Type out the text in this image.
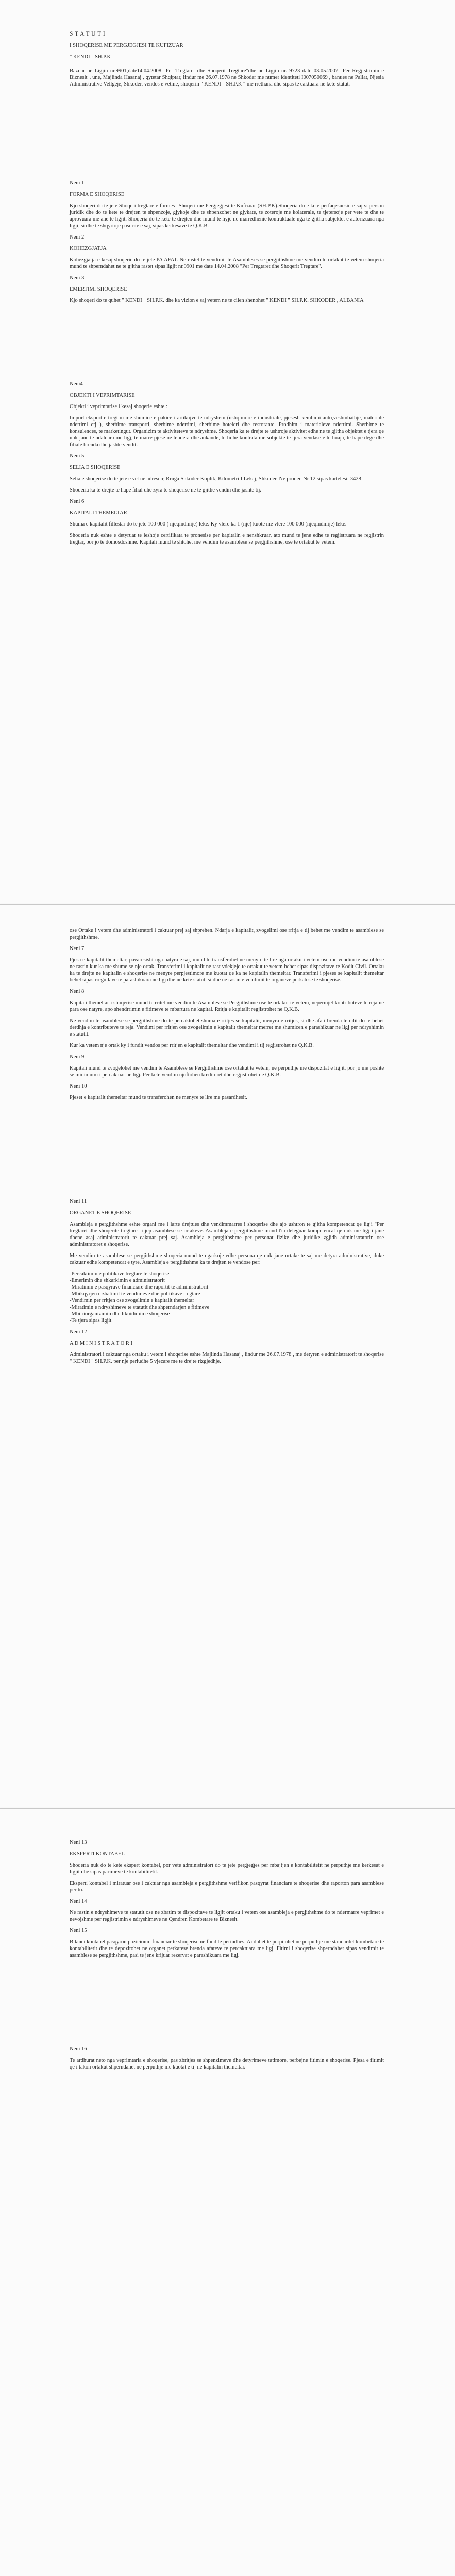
S T A T U T I

I SHOQERISE ME PERGJEGJESI TE KUFIZUAR

" KENDI " SH.P.K

Bazuar ne Ligjin nr.9901,date14.04.2008 "Per Tregtaret dhe Shoqerit Tregtare"dhe ne Ligjin nr. 9723 date 03.05.2007 "Per Regjistrimin e Biznesit", une, Majlinda Hasanaj , qytetar Shqiptar, lindur me 26.07.1978 ne Shkoder me numer identiteti I007050069 , banues ne Pallat, Njesia Administrative Vellgeje, Shkoder, vendos e vetme, shoqerin " KENDI " SH.P.K " me rrethana dhe sipas te caktuara ne kete statut.

Neni 1

FORMA E SHOQERISE

Kjo shoqeri do te jete Shoqeri tregtare e formes "Shoqeri me Pergjegjesi te Kufizuar (SH.P.K).Shoqeria do e kete perfaqesuesin e saj si person juridik dhe do te kete te drejten te shpenzoje, gjykoje dhe te shpenzohet ne gjykate, te zoteroje me kolaterale, te tjetersoje per vete te dhe te aprovuara me ane te ligjit. Shoqeria do te kete te drejten dhe mund te hyje ne marredhenie kontraktuale nga te gjitha subjektet e autorizuara nga ligji, si dhe te shqyrtoje pasurite e saj, sipas kerkesave te Q.K.B.

Neni 2

KOHEZGJATJA

Kohezgjatja e kesaj shoqerie do te jete PA AFAT. Ne rastet te vendimit te Asambleses se pergjithshme me vendim te ortakut te vetem shoqeria mund te shperndahet ne te gjitha rastet sipas ligjit nr.9901 me date 14.04.2008 "Per Tregtaret dhe Shoqerit Tregtare".

Neni 3

EMERTIMI SHOQERISE

Kjo shoqeri do te quhet " KENDI " SH.P.K. dhe ka vizion e saj vetem ne te cilen shenohet " KENDI " SH.P.K. SHKODER , ALBANIA

Neni4

OBJEKTI I VEPRIMTARISE

Objekti i veprimtarise i kesaj shoqerie eshte :

Import eksport e tregtim me shumice e pakice i artikujve te ndryshem (ushqimore e industriale, pjesesh kembimi auto,veshmbathje, materiale ndertimi etj ), sherbime transporti, sherbime ndertimi, sherbime hoteleri dhe restorante. Prodhim i materialeve ndertimi. Sherbime te konsulences, te marketingut. Organizim te aktiviteteve te ndryshme. Shoqeria ka te drejte te ushtroje aktivitet edhe ne te gjitha objektet e tjera qe nuk jane te ndaluara me ligj, te marre pjese ne tendera dhe ankande, te lidhe kontrata me subjekte te tjera vendase e te huaja, te hape dege dhe filiale brenda dhe jashte vendit.

Neni 5

SELIA E SHOQERISE

Selia e shoqerise do te jete e vet ne adresen; Rruga Shkoder-Koplik, Kilometri I Lekaj, Shkoder. Ne pronen Nr 12 sipas kartelesit 3428

Shoqeria ka te drejte te hape filial dhe zyra te shoqerise ne te gjithe vendin dhe jashte tij.

Neni 6

KAPITALI THEMELTAR

Shuma e kapitalit fillestar do te jete 100 000 ( njeqindmije) leke. Ky vlere ka 1 (nje) kuote me vlere 100 000 (njeqindmije) leke.

Shoqeria nuk eshte e detyruar te leshoje certifikata te pronesise per kapitalin e nenshkruar, ato mund te jene edhe te regjistruara ne regjistrin tregtar, por jo te domosdoshme. Kapitali mund te shtohet me vendim te asamblese se pergjithshme, ose te ortakut te vetem.

ose Ortaku i vetem dhe administratori i caktuar prej saj shprehen. Ndarja e kapitalit, zvogelimi ose rritja e tij behet me vendim te asamblese se pergjithshme.

Neni 7

Pjesa e kapitalit themeltar, pavaresisht nga natyra e saj, mund te transferohet ne menyre te lire nga ortaku i vetem ose me vendim te asamblese ne rastin kur ka me shume se nje ortak. Transferimi i kapitalit ne rast vdekjeje te ortakut te vetem behet sipas dispozitave te Kodit Civil. Ortaku ka te drejte ne kapitalin e shoqerise ne menyre perpjestimore me kuotat qe ka ne kapitalin themeltar. Transferimi i pjeses se kapitalit themeltar behet sipas rregullave te parashikuara ne ligj dhe ne kete statut, si dhe ne rastin e vendimit te organeve perkatese te shoqerise.

Neni 8

Kapitali themeltar i shoqerise mund te rritet me vendim te Asamblese se Pergjithshme ose te ortakut te vetem, nepermjet kontributeve te reja ne para ose natyre, apo shendrrimin e fitimeve te mbartura ne kapital. Rritja e kapitalit regjistrohet ne Q.K.B.

Ne vendim te asamblese se pergjithshme do te percaktohet shuma e rritjes se kapitalit, menyra e rritjes, si dhe afati brenda te cilit do te behet derdhja e kontributeve te reja. Vendimi per rritjen ose zvogelimin e kapitalit themeltar merret me shumicen e parashikuar ne ligj per ndryshimin e statutit.

Kur ka vetem nje ortak ky i fundit vendos per rritjen e kapitalit themeltar dhe vendimi i tij regjistrohet ne Q.K.B.

Neni 9

Kapitali mund te zvogelohet me vendim te Asamblese se Pergjithshme ose ortakut te vetem, ne perputhje me dispozitat e ligjit, por jo me poshte se minimumi i percaktuar ne ligj. Per kete vendim njoftohen kreditoret dhe regjistrohet ne Q.K.B.

Neni 10

Pjeset e kapitalit themeltar mund te transferohen ne menyre te lire me pasardhesit.

Neni 11

ORGANET E SHOQERISE

Asambleja e pergjithshme eshte organi me i larte drejtues dhe vendimmarres i shoqerise dhe ajo ushtron te gjitha kompetencat qe ligji "Per tregtaret dhe shoqerite tregtare" i jep asamblese se ortakeve. Asambleja e pergjithshme mund t'ia deleguar kompetencat qe nuk me ligj i jane dhene asaj administratorit te caktuar prej saj. Asambleja e pergjithshme per personat fizike dhe juridike zgjidh administratorin ose administratoret e shoqerise.

Me vendim te asamblese se pergjithshme shoqeria mund te ngarkoje edhe persona qe nuk jane ortake te saj me detyra administrative, duke caktuar edhe kompetencat e tyre. Asambleja e pergjithshme ka te drejten te vendose per:

-Percaktimin e politikave tregtare te shoqerise
-Emerimin dhe shkarkimin e administratorit
-Miratimin e pasqyrave financiare dhe raportit te administratorit
-Mbikqyrjen e zbatimit te vendimeve dhe politikave tregtare
-Vendimin per rritjen ose zvogelimin e kapitalit themeltar
-Miratimin e ndryshimeve te statutit dhe shperndarjen e fitimeve
-Mbi riorganizimin dhe likuidimin e shoqerise
-Te tjera sipas ligjit

Neni 12

A D M I N I S T R A T O R I

Administratori i caktuar nga ortaku i vetem i shoqerise eshte Majlinda Hasanaj , lindur me 26.07.1978 , me detyren e administratorit te shoqerise " KENDI " SH.P.K. per nje periudhe 5 vjecare me te drejte rizgjedhje.

Neni 13

EKSPERTI KONTABEL

Shoqeria nuk do te kete ekspert kontabel, por vete administratori do te jete pergjegjes per mbajtjen e kontabilitetit ne perputhje me kerkesat e ligjit dhe sipas parimeve te kontabilitetit.

Eksperti kontabel i miratuar ose i caktuar nga asambleja e pergjithshme verifikon pasqyrat financiare te shoqerise dhe raporton para asamblese per to.

Neni 14

Ne rastin e ndryshimeve te statutit ose ne zbatim te dispozitave te ligjit ortaku i vetem ose asambleja e pergjithshme do te ndermarre veprimet e nevojshme per regjistrimin e ndryshimeve ne Qendren Kombetare te Biznesit.

Neni 15

Bilanci kontabel pasqyron pozicionin financiar te shoqerise ne fund te periudhes. Ai duhet te perpilohet ne perputhje me standardet kombetare te kontabilitetit dhe te depozitohet ne organet perkatese brenda afateve te percaktuara me ligj. Fitimi i shoqerise shperndahet sipas vendimit te asamblese se pergjithshme, pasi te jene krijuar rezervat e parashikuara me ligj.

Neni 16

Te ardhurat neto nga veprimtaria e shoqerise, pas zbritjes se shpenzimeve dhe detyrimeve tatimore, perbejne fitimin e shoqerise. Pjesa e fitimit qe i takon ortakut shperndahet ne perputhje me kuotat e tij ne kapitalin themeltar.
